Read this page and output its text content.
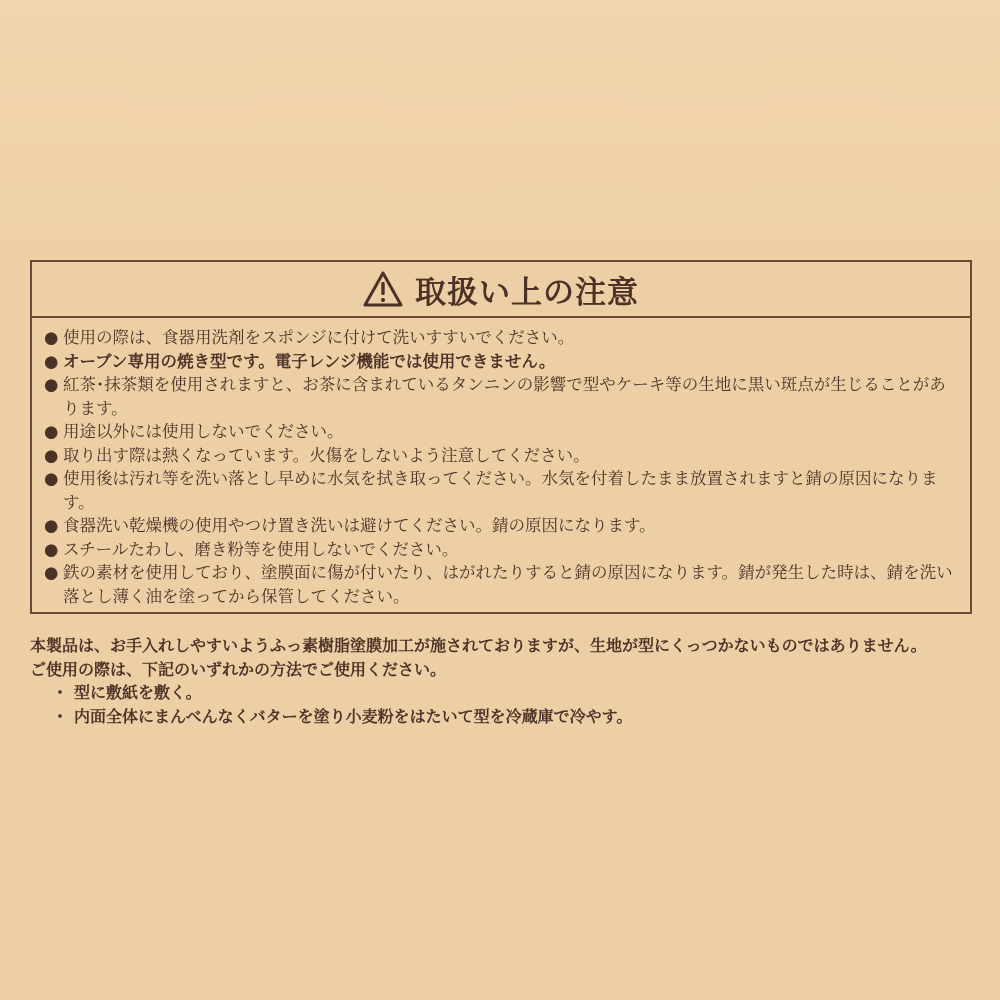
取扱い上の注意
● 使用の際は、食器用洗剤をスポンジに付けて洗いすすいでください。
● オーブン専用の焼き型です。電子レンジ機能では使用できません。
● 紅茶･抹茶類を使用されますと、お茶に含まれているタンニンの影響で型やケーキ等の生地に黒い斑点が生じることがあります。
● 用途以外には使用しないでください。
● 取り出す際は熱くなっています。火傷をしないよう注意してください。
● 使用後は汚れ等を洗い落とし早めに水気を拭き取ってください。水気を付着したまま放置されますと錆の原因になります。
● 食器洗い乾燥機の使用やつけ置き洗いは避けてください。錆の原因になります。
● スチールたわし、磨き粉等を使用しないでください。
● 鉄の素材を使用しており、塗膜面に傷が付いたり、はがれたりすると錆の原因になります。錆が発生した時は、錆を洗い落とし薄く油を塗ってから保管してください。

本製品は、お手入れしやすいようふっ素樹脂塗膜加工が施されておりますが、生地が型にくっつかないものではありません。

ご使用の際は、下記のいずれかの方法でご使用ください。

・ 型に敷紙を敷く。
・ 内面全体にまんべんなくバターを塗り小麦粉をはたいて型を冷蔵庫で冷やす。
